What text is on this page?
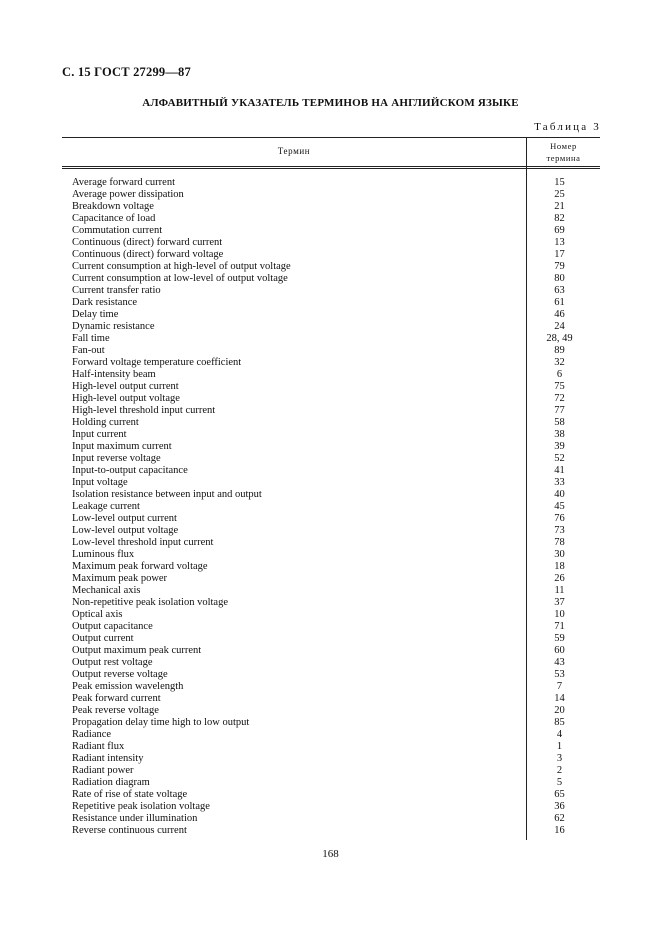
С. 15 ГОСТ 27299—87
АЛФАВИТНЫЙ УКАЗАТЕЛЬ ТЕРМИНОВ НА АНГЛИЙСКОМ ЯЗЫКЕ
Таблица 3
Термин	Номер
термина
Average forward current	15
Average power dissipation	25
Breakdown voltage	21
Capacitance of load	82
Commutation current	69
Continuous (direct) forward current	13
Continuous (direct) forward voltage	17
Current consumption at high-level of output voltage	79
Current consumption at low-level of output voltage	80
Current transfer ratio	63
Dark resistance	61
Delay time	46
Dynamic resistance	24
Fall time	28, 49
Fan-out	89
Forward voltage temperature coefficient	32
Half-intensity beam	6
High-level output current	75
High-level output voltage	72
High-level threshold input current	77
Holding current	58
Input current	38
Input maximum current	39
Input reverse voltage	52
Input-to-output capacitance	41
Input voltage	33
Isolation resistance between input and output	40
Leakage current	45
Low-level output current	76
Low-level output voltage	73
Low-level threshold input current	78
Luminous flux	30
Maximum peak forward voltage	18
Maximum peak power	26
Mechanical axis	11
Non-repetitive peak isolation voltage	37
Optical axis	10
Output capacitance	71
Output current	59
Output maximum peak current	60
Output rest voltage	43
Output reverse voltage	53
Peak emission wavelength	7
Peak forward current	14
Peak reverse voltage	20
Propagation delay time high to low output	85
Radiance	4
Radiant flux	1
Radiant intensity	3
Radiant power	2
Radiation diagram	5
Rate of rise of state voltage	65
Repetitive peak isolation voltage	36
Resistance under illumination	62
Reverse continuous current	16
168
